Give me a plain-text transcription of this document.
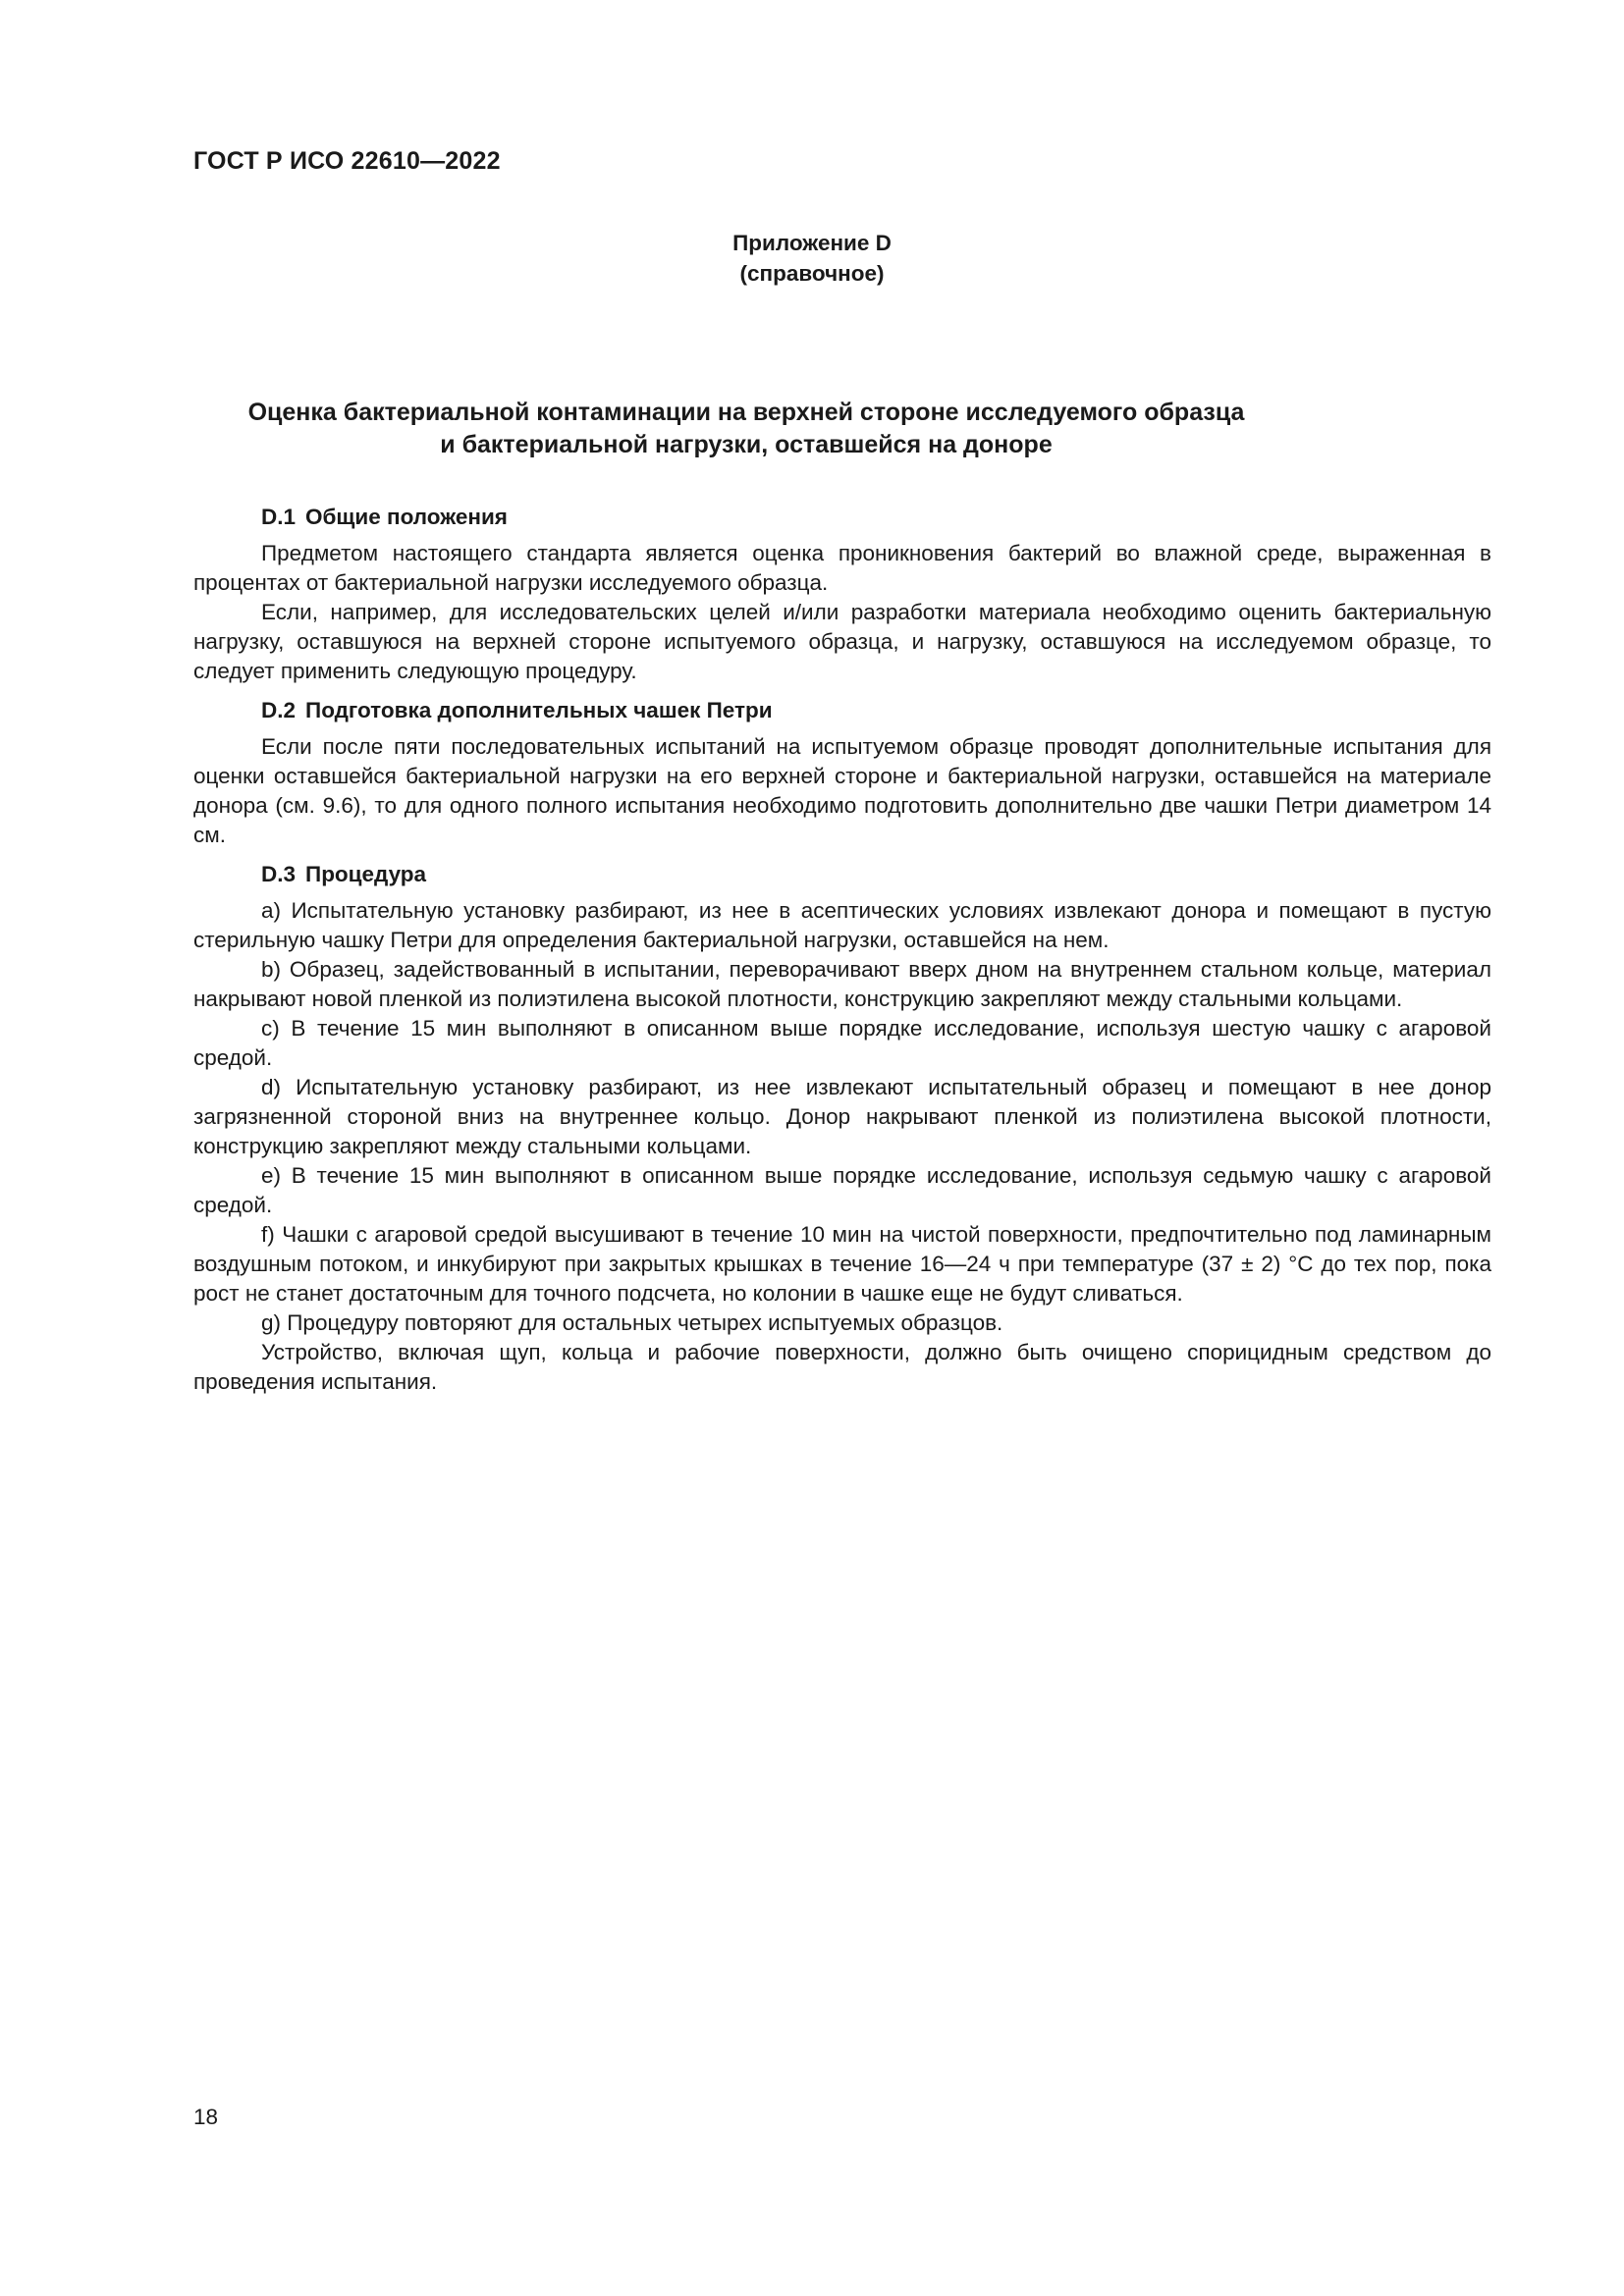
ГОСТ Р ИСО 22610—2022
Приложение D
(справочное)
Оценка бактериальной контаминации на верхней стороне исследуемого образца
и бактериальной нагрузки, оставшейся на доноре
D.1 Общие положения

Предметом настоящего стандарта является оценка проникновения бактерий во влажной среде, выраженная в процентах от бактериальной нагрузки исследуемого образца.

Если, например, для исследовательских целей и/или разработки материала необходимо оценить бактериальную нагрузку, оставшуюся на верхней стороне испытуемого образца, и нагрузку, оставшуюся на исследуемом образце, то следует применить следующую процедуру.

D.2 Подготовка дополнительных чашек Петри

Если после пяти последовательных испытаний на испытуемом образце проводят дополнительные испытания для оценки оставшейся бактериальной нагрузки на его верхней стороне и бактериальной нагрузки, оставшейся на материале донора (см. 9.6), то для одного полного испытания необходимо подготовить дополнительно две чашки Петри диаметром 14 см.

D.3 Процедура

a) Испытательную установку разбирают, из нее в асептических условиях извлекают донора и помещают в пустую стерильную чашку Петри для определения бактериальной нагрузки, оставшейся на нем.

b) Образец, задействованный в испытании, переворачивают вверх дном на внутреннем стальном кольце, материал накрывают новой пленкой из полиэтилена высокой плотности, конструкцию закрепляют между стальными кольцами.

c) В течение 15 мин выполняют в описанном выше порядке исследование, используя шестую чашку с агаровой средой.

d) Испытательную установку разбирают, из нее извлекают испытательный образец и помещают в нее донор загрязненной стороной вниз на внутреннее кольцо. Донор накрывают пленкой из полиэтилена высокой плотности, конструкцию закрепляют между стальными кольцами.

e) В течение 15 мин выполняют в описанном выше порядке исследование, используя седьмую чашку с агаровой средой.

f) Чашки с агаровой средой высушивают в течение 10 мин на чистой поверхности, предпочтительно под ламинарным воздушным потоком, и инкубируют при закрытых крышках в течение 16—24 ч при температуре (37 ± 2) °С до тех пор, пока рост не станет достаточным для точного подсчета, но колонии в чашке еще не будут сливаться.

g) Процедуру повторяют для остальных четырех испытуемых образцов.

Устройство, включая щуп, кольца и рабочие поверхности, должно быть очищено спорицидным средством до проведения испытания.

18
